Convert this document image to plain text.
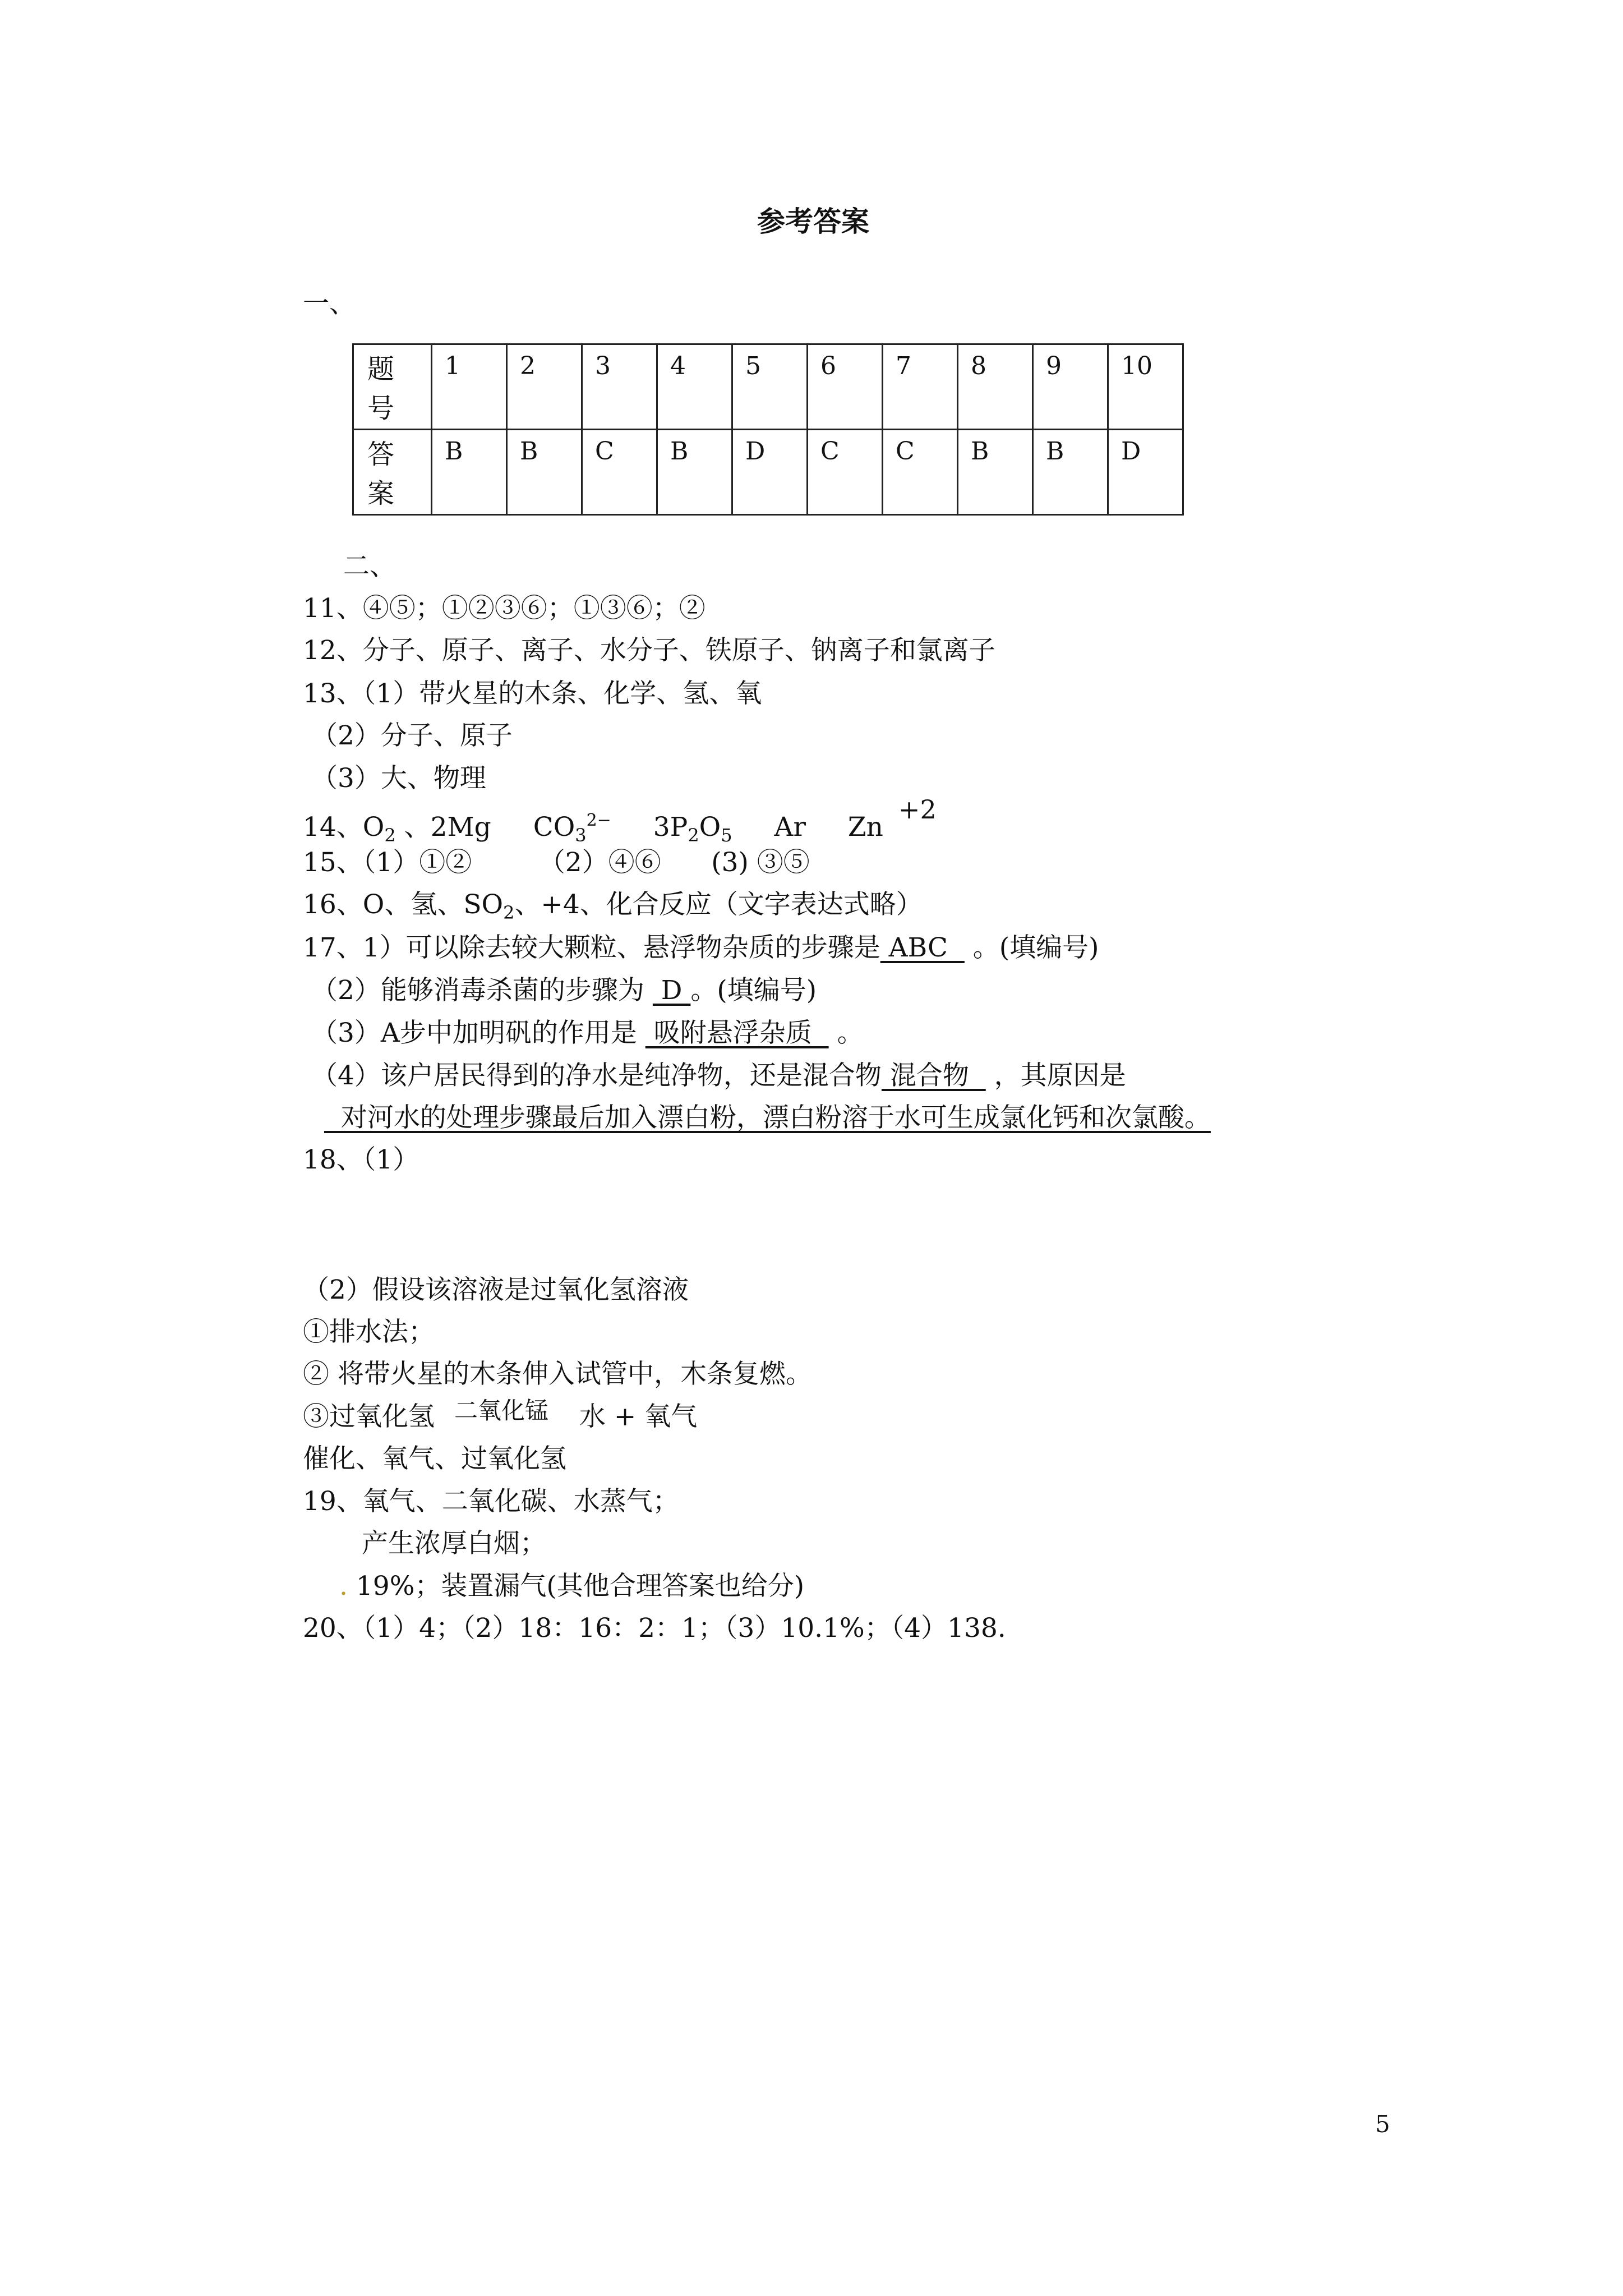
参考答案
一、
题号	1	2	3	4	5	6	7	8	9	10

答案	B	B	C	B	D	C	C	B	B	D
二、
11、④⑤；①②③⑥；①③⑥；②
12、分子、原子、离子、水分子、铁原子、钠离子和氯离子
13、（1）带火星的木条、化学、氢、氧
（2）分子、原子
（3）大、物理
14、$O_2$ 、2Mg $CO_3^{2-}$ $3P_2O_5$ Ar Zn
+2
15、（1）①②        （2）④⑥      (3) ③⑤
16、O、氢、$SO_2$、+4、化合反应（文字表达式略）
17、1）可以除去较大颗粒、悬浮物杂质的步骤是 ABC   。(填编号)
（2）能够消毒杀菌的步骤为  D 。(填编号)
（3）A步中加明矾的作用是  吸附悬浮杂质   。
（4）该户居民得到的净水是纯净物，还是混合物 混合物   ，其原因是
对河水的处理步骤最后加入漂白粉，漂白粉溶于水可生成氯化钙和次氯酸。
18、（1）
（2）假设该溶液是过氧化氢溶液
①排水法；
② 将带火星的木条伸入试管中，木条复燃。
③过氧化氢 二氧化锰 水 + 氧气
催化、氧气、过氧化氢
19、氧气、二氧化碳、水蒸气；
产生浓厚白烟；
. 19%；装置漏气(其他合理答案也给分)
20、（1）4；（2）18：16：2：1；（3）10.1%；（4）138.
5
